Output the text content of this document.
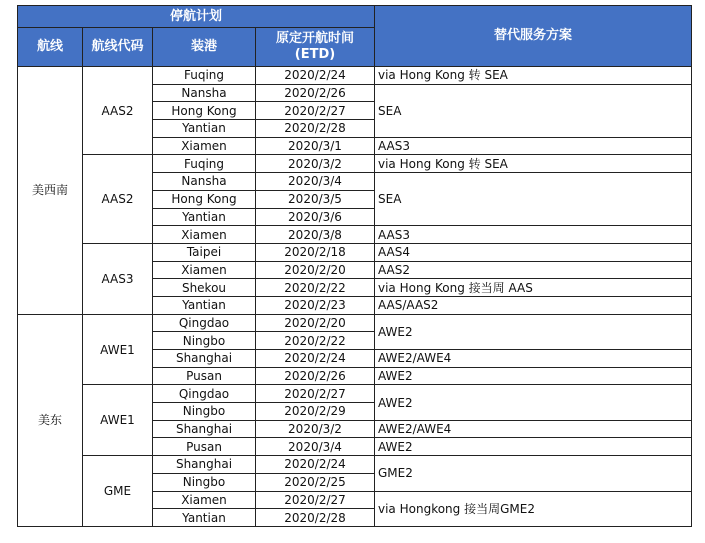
停航计划				替代服务方案
航线	航线代码	装港	原定开航时间
(ETD)	

美西南	AAS2	Fuqing	2020/2/24	via Hong Kong 转 SEA
		Nansha	2020/2/26	SEA
		Hong Kong	2020/2/27	
		Yantian	2020/2/28	
		Xiamen	2020/3/1	AAS3
	AAS2	Fuqing	2020/3/2	via Hong Kong 转 SEA
		Nansha	2020/3/4	SEA
		Hong Kong	2020/3/5	
		Yantian	2020/3/6	
		Xiamen	2020/3/8	AAS3
	AAS3	Taipei	2020/2/18	AAS4
		Xiamen	2020/2/20	AAS2
		Shekou	2020/2/22	via Hong Kong 接当周 AAS
		Yantian	2020/2/23	AAS/AAS2
美东	AWE1	Qingdao	2020/2/20	AWE2
		Ningbo	2020/2/22	
		Shanghai	2020/2/24	AWE2/AWE4
		Pusan	2020/2/26	AWE2
	AWE1	Qingdao	2020/2/27	AWE2
		Ningbo	2020/2/29	
		Shanghai	2020/3/2	AWE2/AWE4
		Pusan	2020/3/4	AWE2
	GME	Shanghai	2020/2/24	GME2
		Ningbo	2020/2/25	
		Xiamen	2020/2/27	via Hongkong 接当周GME2
		Yantian	2020/2/28	
